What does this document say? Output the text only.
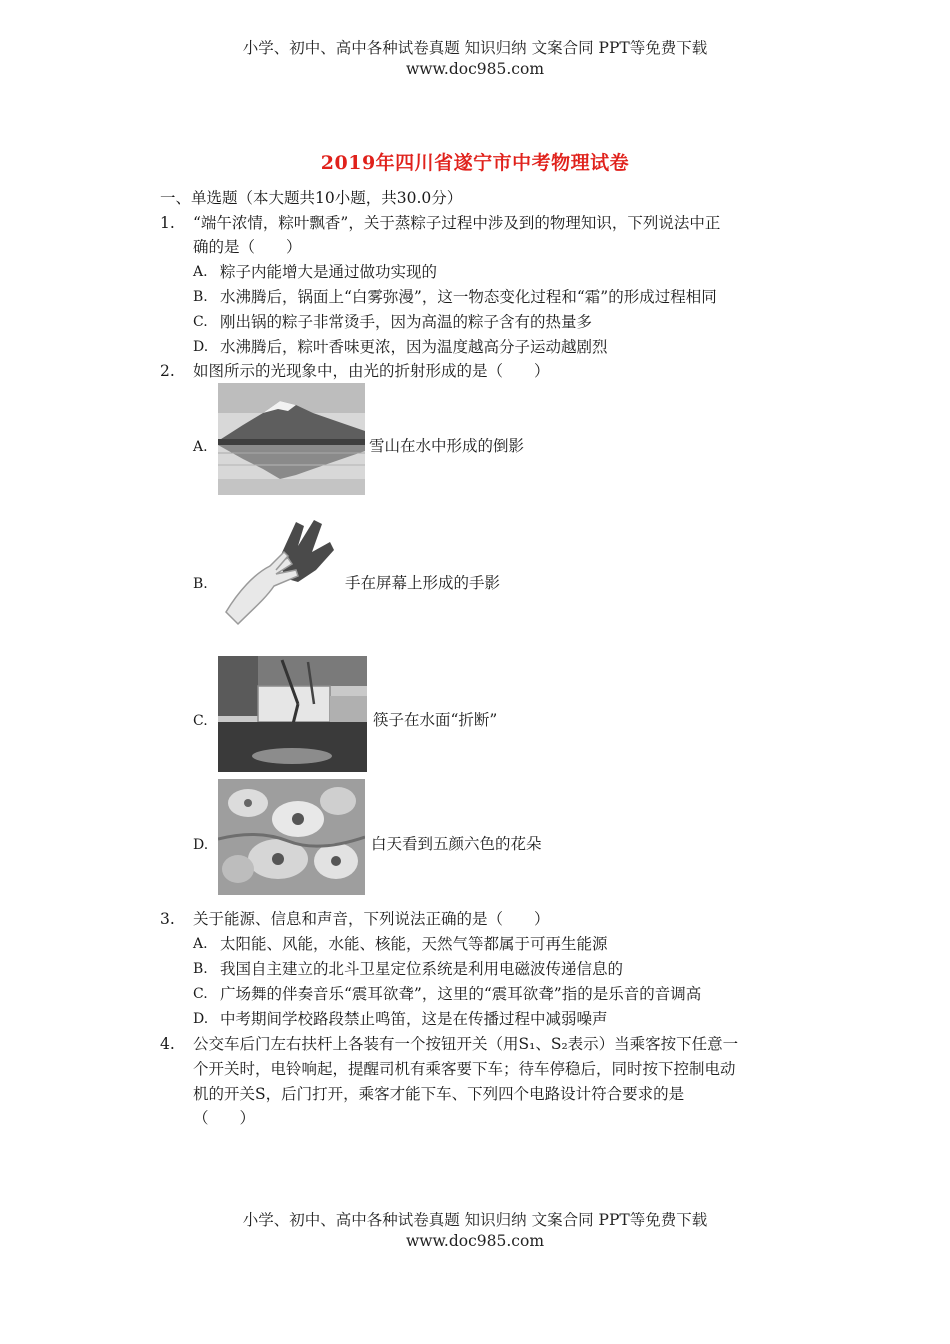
小学、初中、高中各种试卷真题 知识归纳 文案合同 PPT等免费下载
www.doc985.com
2019年四川省遂宁市中考物理试卷
一、单选题（本大题共10小题，共30.0分）
1. “端午浓情，粽叶飘香”，关于蒸粽子过程中涉及到的物理知识，下列说法中正
确的是（　　）
A. 粽子内能增大是通过做功实现的
B. 水沸腾后，锅面上“白雾弥漫”，这一物态变化过程和“霜”的形成过程相同
C. 刚出锅的粽子非常烫手，因为高温的粽子含有的热量多
D. 水沸腾后，粽叶香味更浓，因为温度越高分子运动越剧烈
2. 如图所示的光现象中，由光的折射形成的是（　　）
A.	雪山在水中形成的倒影
B.	手在屏幕上形成的手影
C.	筷子在水面“折断”
D.	白天看到五颜六色的花朵
3. 关于能源、信息和声音，下列说法正确的是（　　）
A. 太阳能、风能，水能、核能，天然气等都属于可再生能源
B. 我国自主建立的北斗卫星定位系统是利用电磁波传递信息的
C. 广场舞的伴奏音乐“震耳欲聋”，这里的“震耳欲聋”指的是乐音的音调高
D. 中考期间学校路段禁止鸣笛，这是在传播过程中减弱噪声
4. 公交车后门左右扶杆上各装有一个按钮开关（用S₁、S₂表示）当乘客按下任意一
个开关时，电铃响起，提醒司机有乘客要下车；待车停稳后，同时按下控制电动
机的开关S，后门打开，乘客才能下车、下列四个电路设计符合要求的是
（　　）
小学、初中、高中各种试卷真题 知识归纳 文案合同 PPT等免费下载
www.doc985.com
